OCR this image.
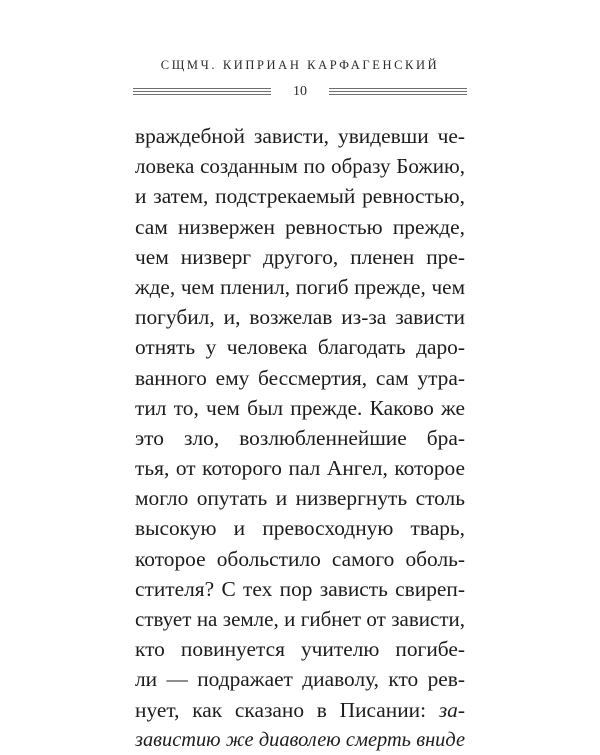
СЩМЧ. КИПРИАН КАРФАГЕНСКИЙ
10
враждебной зависти, увидевши че-
ловека созданным по образу Божию,
и затем, подстрекаемый ревностью,
сам низвержен ревностью прежде,
чем низверг другого, пленен пре-
жде, чем пленил, погиб прежде, чем
погубил, и, возжелав из-за зависти
отнять у человека благодать даро-
ванного ему бессмертия, сам утра-
тил то, чем был прежде. Каково же
это зло, возлюбленнейшие бра-
тья, от которого пал Ангел, которое
могло опутать и низвергнуть столь
высокую и превосходную тварь,
которое обольстило самого оболь-
стителя? С тех пор зависть свиреп-
ствует на земле, и гибнет от зависти,
кто повинуется учителю погибе-
ли — подражает диаволу, кто рев-
нует, как сказано в Писании: за-
завистию же диаволею смерть вниде
